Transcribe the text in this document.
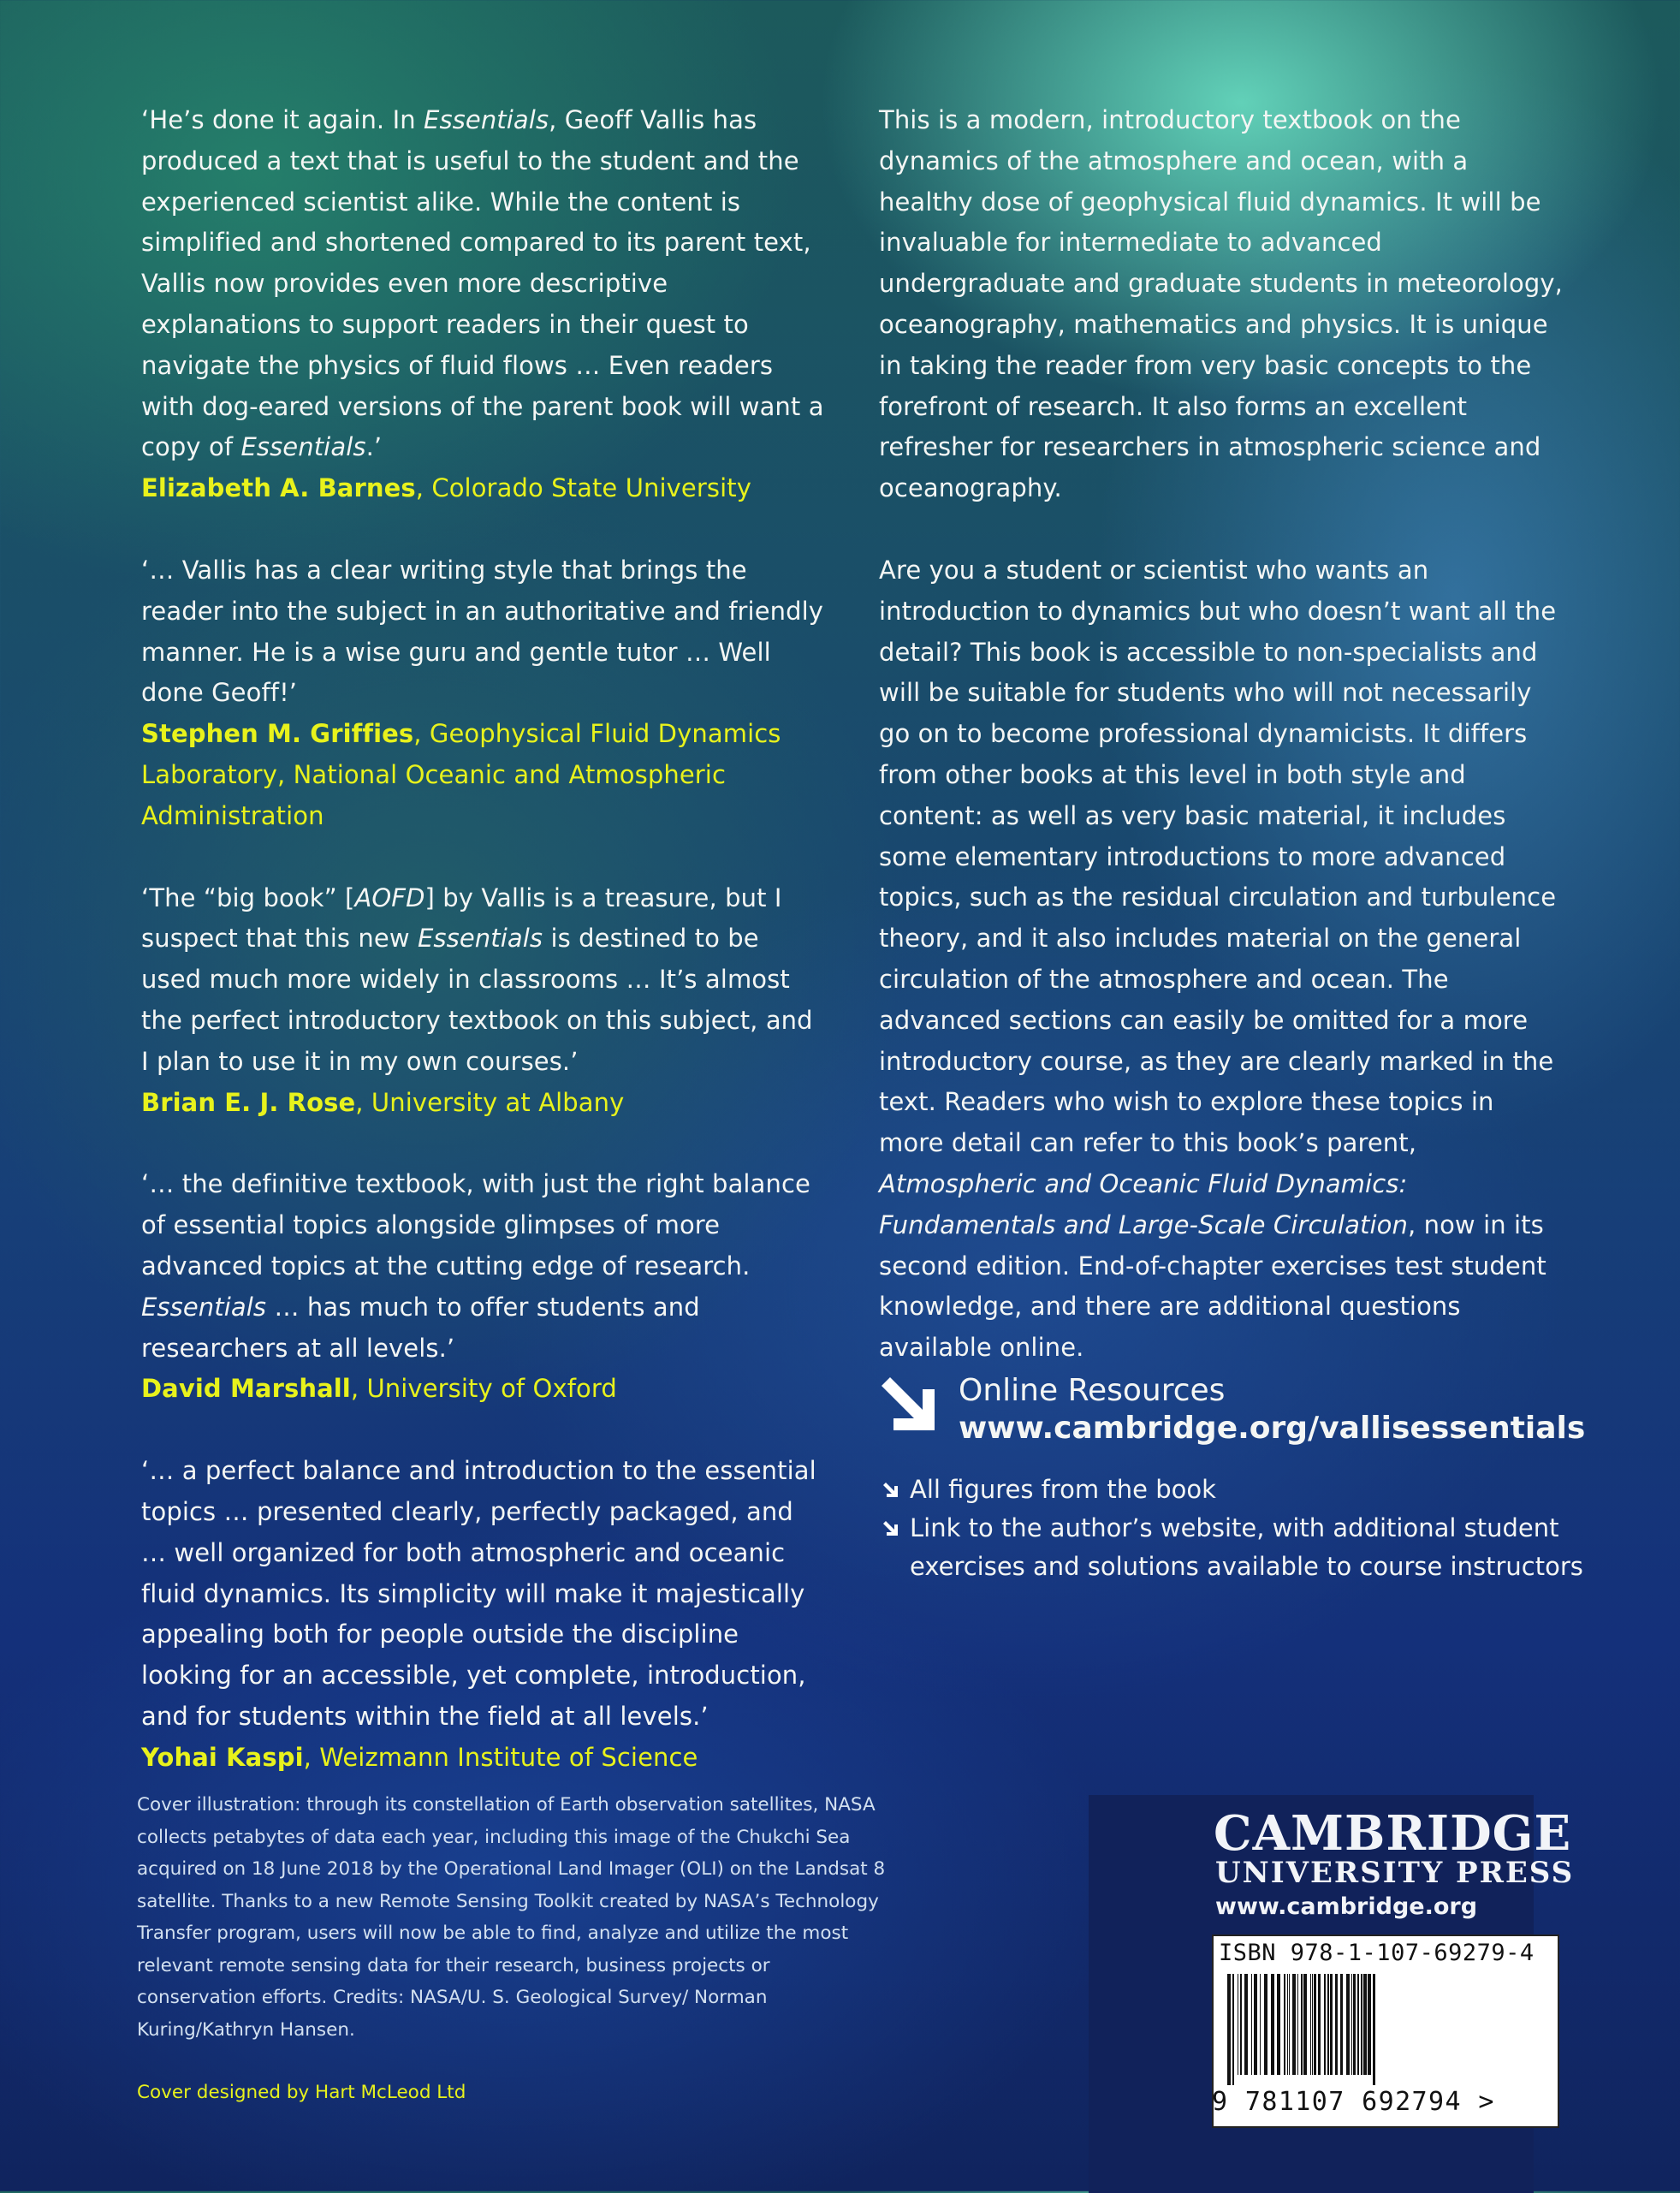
‘He’s done it again. In Essentials, Geoff Vallis has produced a text that is useful to the student and the experienced scientist alike. While the content is simplified and shortened compared to its parent text, Vallis now provides even more descriptive explanations to support readers in their quest to navigate the physics of fluid flows … Even readers with dog-eared versions of the parent book will want a copy of Essentials.’
Elizabeth A. Barnes, Colorado State University

‘… Vallis has a clear writing style that brings the reader into the subject in an authoritative and friendly manner. He is a wise guru and gentle tutor … Well done Geoff!’
Stephen M. Griffies, Geophysical Fluid Dynamics Laboratory, National Oceanic and Atmospheric Administration

‘The “big book” [AOFD] by Vallis is a treasure, but I suspect that this new Essentials is destined to be used much more widely in classrooms … It’s almost the perfect introductory textbook on this subject, and I plan to use it in my own courses.’
Brian E. J. Rose, University at Albany

‘… the definitive textbook, with just the right balance of essential topics alongside glimpses of more advanced topics at the cutting edge of research. Essentials … has much to offer students and researchers at all levels.’
David Marshall, University of Oxford

‘… a perfect balance and introduction to the essential topics … presented clearly, perfectly packaged, and … well organized for both atmospheric and oceanic fluid dynamics. Its simplicity will make it majestically appealing both for people outside the discipline looking for an accessible, yet complete, introduction, and for students within the field at all levels.’
Yohai Kaspi, Weizmann Institute of Science

This is a modern, introductory textbook on the dynamics of the atmosphere and ocean, with a healthy dose of geophysical fluid dynamics. It will be invaluable for intermediate to advanced undergraduate and graduate students in meteorology, oceanography, mathematics and physics. It is unique in taking the reader from very basic concepts to the forefront of research. It also forms an excellent refresher for researchers in atmospheric science and oceanography.

Are you a student or scientist who wants an introduction to dynamics but who doesn’t want all the detail? This book is accessible to non-specialists and will be suitable for students who will not necessarily go on to become professional dynamicists. It differs from other books at this level in both style and content: as well as very basic material, it includes some elementary introductions to more advanced topics, such as the residual circulation and turbulence theory, and it also includes material on the general circulation of the atmosphere and ocean. The advanced sections can easily be omitted for a more introductory course, as they are clearly marked in the text. Readers who wish to explore these topics in more detail can refer to this book’s parent, Atmospheric and Oceanic Fluid Dynamics: Fundamentals and Large-Scale Circulation, now in its second edition. End-of-chapter exercises test student knowledge, and there are additional questions available online.

Online Resources
www.cambridge.org/vallisessentials
All figures from the book
Link to the author’s website, with additional student exercises and solutions available to course instructors
Cover illustration: through its constellation of Earth observation satellites, NASA collects petabytes of data each year, including this image of the Chukchi Sea acquired on 18 June 2018 by the Operational Land Imager (OLI) on the Landsat 8 satellite. Thanks to a new Remote Sensing Toolkit created by NASA’s Technology Transfer program, users will now be able to find, analyze and utilize the most relevant remote sensing data for their research, business projects or conservation efforts. Credits: NASA/U. S. Geological Survey/ Norman Kuring/Kathryn Hansen.
Cover designed by Hart McLeod Ltd
CAMBRIDGE
UNIVERSITY PRESS
www.cambridge.org
ISBN 978-1-107-69279-4
9 781107 692794 >
